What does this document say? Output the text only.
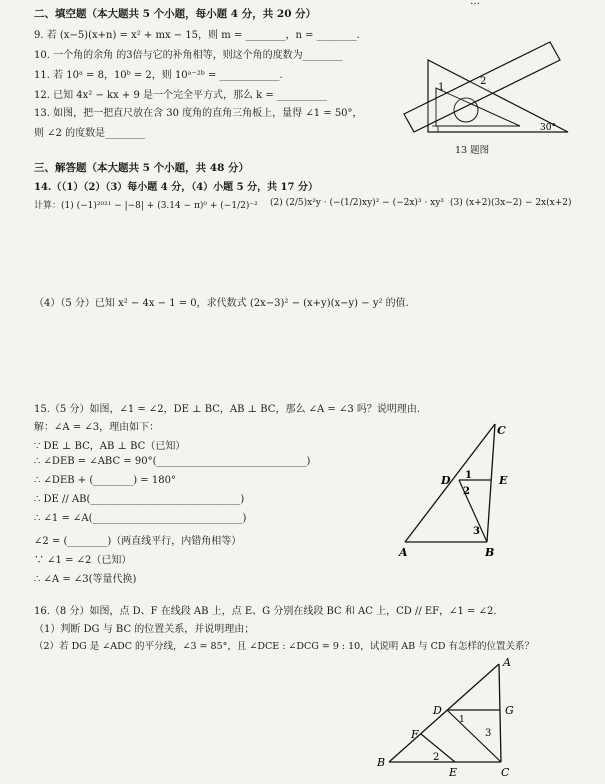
…
二、填空题（本大题共 5 个小题，每小题 4 分，共 20 分）
9. 若 (x−5)(x+n) = x² + mx − 15，则 m = ________，n = ________.
10. 一个角的余角 的3倍与它的补角相等，则这个角的度数为________
11. 若 10ᵃ = 8，10ᵇ = 2，则 10ᵃ⁻²ᵇ = ____________.
12. 已知 4x² − kx + 9 是一个完全平方式，那么 k = __________
13. 如图，把一把直尺放在含 30 度角的直角三角板上，量得 ∠1 = 50°，
则 ∠2 的度数是________
1
2
30°
13 题图
三、解答题（本大题共 5 个小题，共 48 分）
14.（（1）（2）（3）每小题 4 分，（4）小题 5 分，共 17 分）
计算：(1) (−1)²⁰²¹ − |−8| + (3.14 − π)⁰ + (−1/2)⁻² (2) (2/5)x²y · (−(1/2)xy)² − (−2x)³ · xy³ (3) (x+2)(3x−2) − 2x(x+2)
（4）（5 分）已知 x² − 4x − 1 = 0，求代数式 (2x−3)² − (x+y)(x−y) − y² 的值.
15.（5 分）如图，∠1 = ∠2，DE ⊥ BC，AB ⊥ BC，那么 ∠A = ∠3 吗？说明理由.
解：∠A = ∠3，理由如下：
∵ DE ⊥ BC，AB ⊥ BC（已知）
∴ ∠DEB = ∠ABC = 90°(______________________________)
∴ ∠DEB + (________) = 180°
∴ DE // AB(______________________________)
∴ ∠1 = ∠A(______________________________)
∠2 = (________)（两直线平行，内错角相等）
∵ ∠1 = ∠2（已知）
∴ ∠A = ∠3(等量代换)
C
D	E
1
2
3
A	B
16.（8 分）如图，点 D、F 在线段 AB 上，点 E、G 分别在线段 BC 和 AC 上，CD // EF，∠1 = ∠2.
（1）判断 DG 与 BC 的位置关系，并说明理由；
（2）若 DG 是 ∠ADC 的平分线，∠3 = 85°，且 ∠DCE : ∠DCG = 9 : 10，试说明 AB 与 CD 有怎样的位置关系？
A
D	G
F
1
3
2
B
E	C
